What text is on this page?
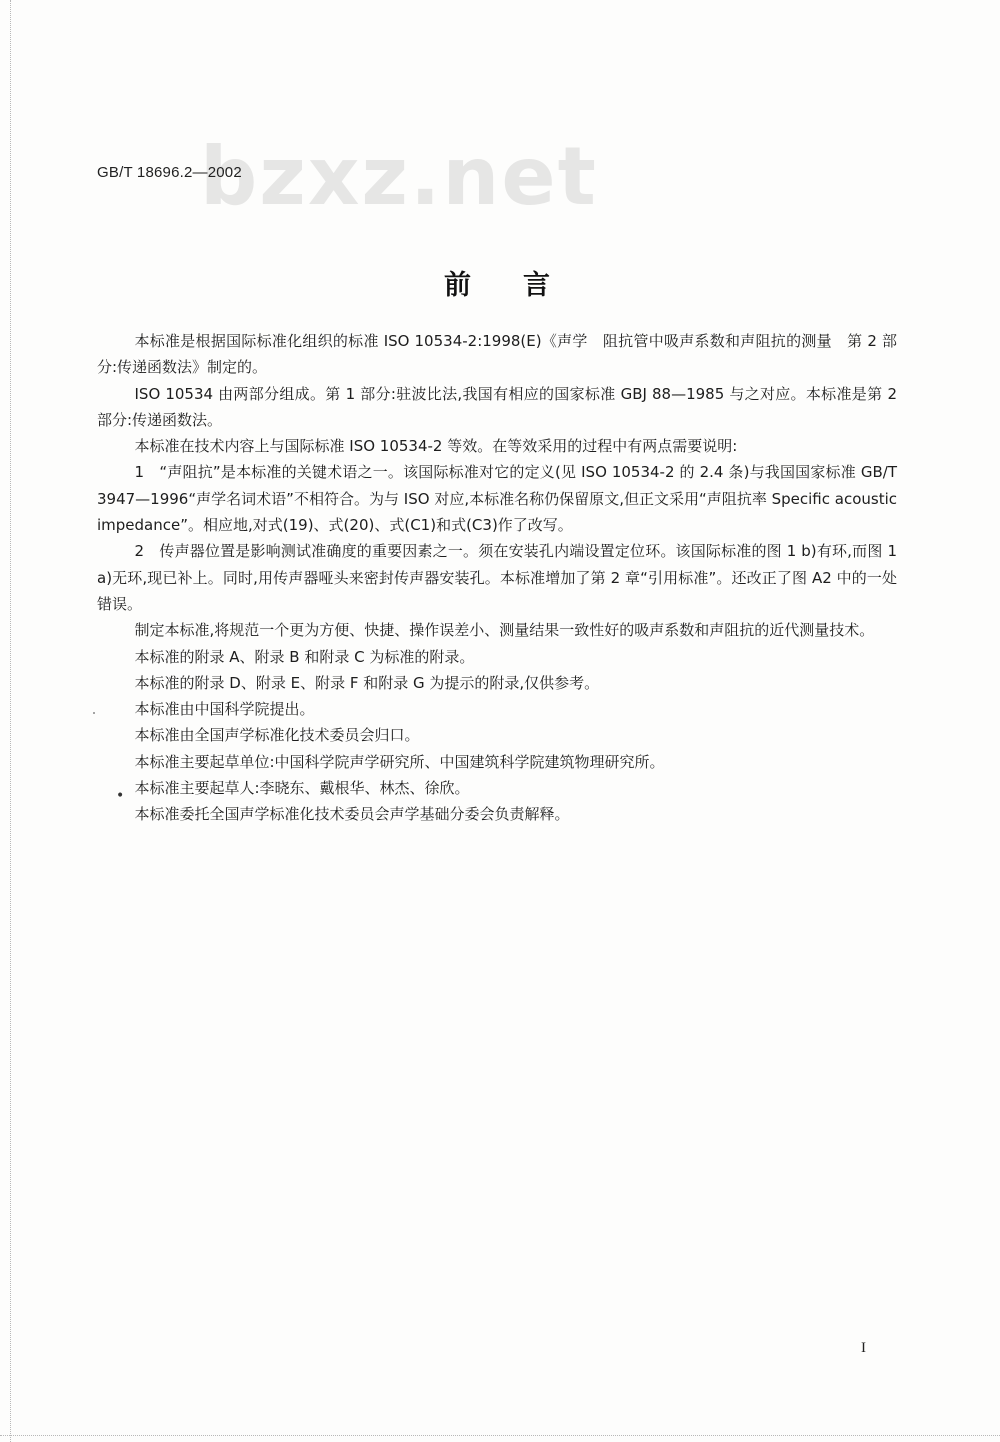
bzxz.net
GB/T 18696.2—2002
前言
•

本标准是根据国际标准化组织的标准 ISO 10534-2:1998(E)《声学　阻抗管中吸声系数和声阻抗的测量　第 2 部分:传递函数法》制定的。

ISO 10534 由两部分组成。第 1 部分:驻波比法,我国有相应的国家标准 GBJ 88—1985 与之对应。本标准是第 2 部分:传递函数法。

本标准在技术内容上与国际标准 ISO 10534-2 等效。在等效采用的过程中有两点需要说明:

1　“声阻抗”是本标准的关键术语之一。该国际标准对它的定义(见 ISO 10534-2 的 2.4 条)与我国国家标准 GB/T 3947—1996“声学名词术语”不相符合。为与 ISO 对应,本标准名称仍保留原文,但正文采用“声阻抗率 Specific acoustic impedance”。相应地,对式(19)、式(20)、式(C1)和式(C3)作了改写。

2　传声器位置是影响测试准确度的重要因素之一。须在安装孔内端设置定位环。该国际标准的图 1 b)有环,而图 1 a)无环,现已补上。同时,用传声器哑头来密封传声器安装孔。本标准增加了第 2 章“引用标准”。还改正了图 A2 中的一处错误。

制定本标准,将规范一个更为方便、快捷、操作误差小、测量结果一致性好的吸声系数和声阻抗的近代测量技术。

本标准的附录 A、附录 B 和附录 C 为标准的附录。

本标准的附录 D、附录 E、附录 F 和附录 G 为提示的附录,仅供参考。

本标准由中国科学院提出。

本标准由全国声学标准化技术委员会归口。

本标准主要起草单位:中国科学院声学研究所、中国建筑科学院建筑物理研究所。

本标准主要起草人:李晓东、戴根华、林杰、徐欣。

本标准委托全国声学标准化技术委员会声学基础分委会负责解释。

I
